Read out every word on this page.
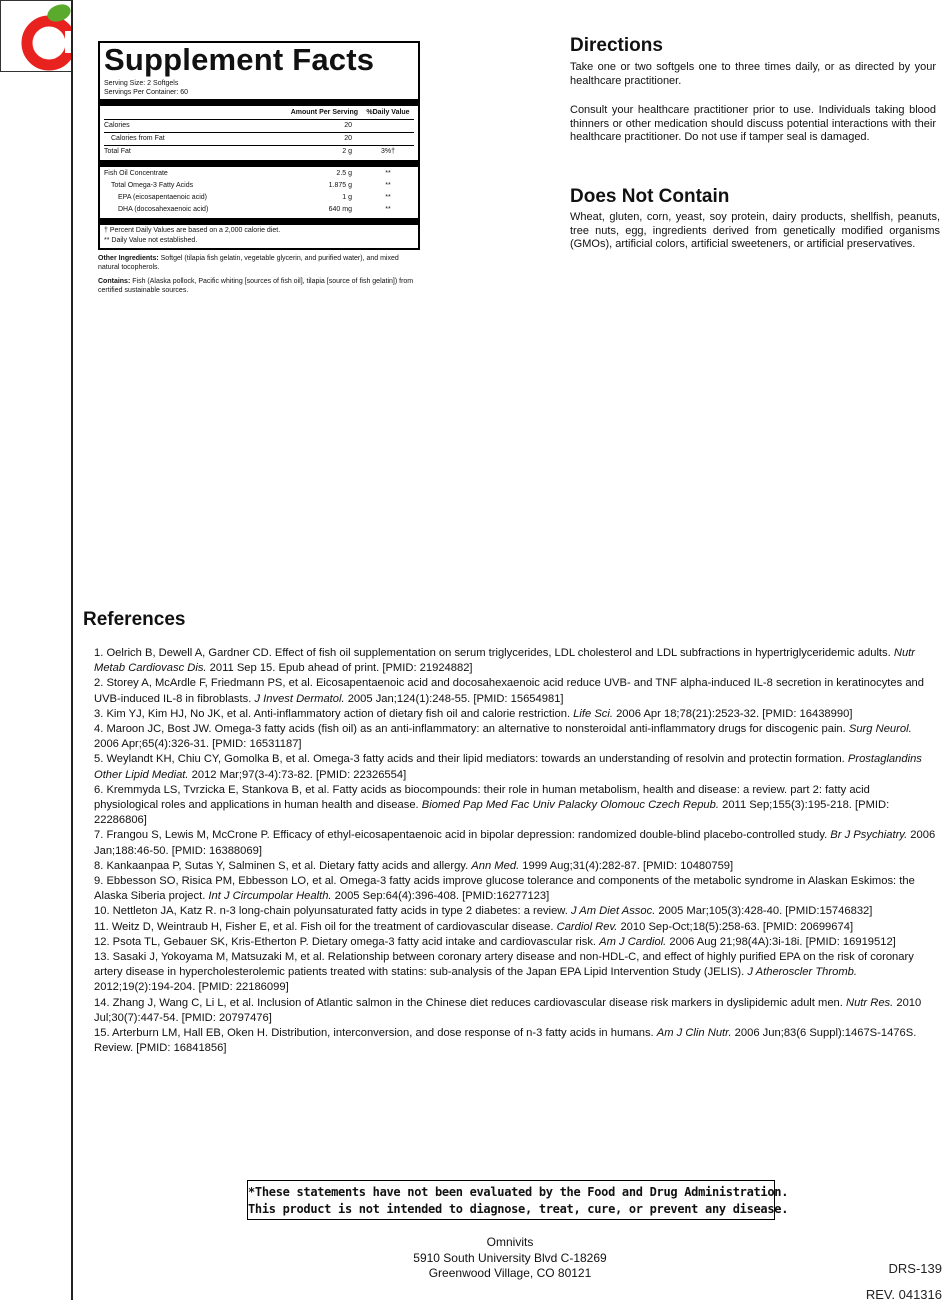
Supplement Facts
Serving Size: 2 Softgels
Servings Per Container: 60
Amount Per Serving	%Daily Value
Calories	20
Calories from Fat	20
Total Fat	2 g	3%†
Fish Oil Concentrate	2.5 g	**
Total Omega-3 Fatty Acids	1.875 g	**
EPA (eicosapentaenoic acid)	1 g	**
DHA (docosahexaenoic acid)	640 mg	**
† Percent Daily Values are based on a 2,000 calorie diet.
** Daily Value not established.

Other Ingredients: Softgel (tilapia fish gelatin, vegetable glycerin, and purified water), and mixed natural tocopherols.

Contains: Fish (Alaska pollock, Pacific whiting [sources of fish oil], tilapia [source of fish gelatin]) from certified sustainable sources.

Directions

Take one or two softgels one to three times daily, or as directed by your healthcare practitioner.

Consult your healthcare practitioner prior to use. Individuals taking blood thinners or other medication should discuss potential interactions with their healthcare practitioner. Do not use if tamper seal is damaged.

Does Not Contain

Wheat, gluten, corn, yeast, soy protein, dairy products, shellfish, peanuts, tree nuts, egg, ingredients derived from genetically modified organisms (GMOs), artificial colors, artificial sweeteners, or artificial preservatives.

References

1. Oelrich B, Dewell A, Gardner CD. Effect of fish oil supplementation on serum triglycerides, LDL cholesterol and LDL subfractions in hypertriglyceridemic adults. Nutr Metab Cardiovasc Dis. 2011 Sep 15. Epub ahead of print. [PMID: 21924882]

2. Storey A, McArdle F, Friedmann PS, et al. Eicosapentaenoic acid and docosahexaenoic acid reduce UVB- and TNF alpha-induced IL-8 secretion in keratinocytes and UVB-induced IL-8 in fibroblasts. J Invest Dermatol. 2005 Jan;124(1):248-55. [PMID: 15654981]

3. Kim YJ, Kim HJ, No JK, et al. Anti-inflammatory action of dietary fish oil and calorie restriction. Life Sci. 2006 Apr 18;78(21):2523-32. [PMID: 16438990]

4. Maroon JC, Bost JW. Omega-3 fatty acids (fish oil) as an anti-inflammatory: an alternative to nonsteroidal anti-inflammatory drugs for discogenic pain. Surg Neurol. 2006 Apr;65(4):326-31. [PMID: 16531187]

5. Weylandt KH, Chiu CY, Gomolka B, et al. Omega-3 fatty acids and their lipid mediators: towards an understanding of resolvin and protectin formation. Prostaglandins Other Lipid Mediat. 2012 Mar;97(3-4):73-82. [PMID: 22326554]

6. Kremmyda LS, Tvrzicka E, Stankova B, et al. Fatty acids as biocompounds: their role in human metabolism, health and disease: a review. part 2: fatty acid physiological roles and applications in human health and disease. Biomed Pap Med Fac Univ Palacky Olomouc Czech Repub. 2011 Sep;155(3):195-218. [PMID: 22286806]

7. Frangou S, Lewis M, McCrone P. Efficacy of ethyl-eicosapentaenoic acid in bipolar depression: randomized double-blind placebo-controlled study. Br J Psychiatry. 2006 Jan;188:46-50. [PMID: 16388069]

8. Kankaanpaa P, Sutas Y, Salminen S, et al. Dietary fatty acids and allergy. Ann Med. 1999 Aug;31(4):282-87. [PMID: 10480759]

9. Ebbesson SO, Risica PM, Ebbesson LO, et al. Omega-3 fatty acids improve glucose tolerance and components of the metabolic syndrome in Alaskan Eskimos: the Alaska Siberia project. Int J Circumpolar Health. 2005 Sep:64(4):396-408. [PMID:16277123]

10. Nettleton JA, Katz R. n-3 long-chain polyunsaturated fatty acids in type 2 diabetes: a review. J Am Diet Assoc. 2005 Mar;105(3):428-40. [PMID:15746832]

11. Weitz D, Weintraub H, Fisher E, et al. Fish oil for the treatment of cardiovascular disease. Cardiol Rev. 2010 Sep-Oct;18(5):258-63. [PMID: 20699674]

12. Psota TL, Gebauer SK, Kris-Etherton P. Dietary omega-3 fatty acid intake and cardiovascular risk. Am J Cardiol. 2006 Aug 21;98(4A):3i-18i. [PMID: 16919512]

13. Sasaki J, Yokoyama M, Matsuzaki M, et al. Relationship between coronary artery disease and non-HDL-C, and effect of highly purified EPA on the risk of coronary artery disease in hypercholesterolemic patients treated with statins: sub-analysis of the Japan EPA Lipid Intervention Study (JELIS). J Atheroscler Thromb. 2012;19(2):194-204. [PMID: 22186099]

14. Zhang J, Wang C, Li L, et al. Inclusion of Atlantic salmon in the Chinese diet reduces cardiovascular disease risk markers in dyslipidemic adult men. Nutr Res. 2010 Jul;30(7):447-54. [PMID: 20797476]

15. Arterburn LM, Hall EB, Oken H. Distribution, interconversion, and dose response of n-3 fatty acids in humans. Am J Clin Nutr. 2006 Jun;83(6 Suppl):1467S-1476S. Review. [PMID: 16841856]

*These statements have not been evaluated by the Food and Drug Administration.
This product is not intended to diagnose, treat, cure, or prevent any disease.
Omnivits
5910 South University Blvd C-18269
Greenwood Village, CO 80121	DRS-139
REV. 041316
